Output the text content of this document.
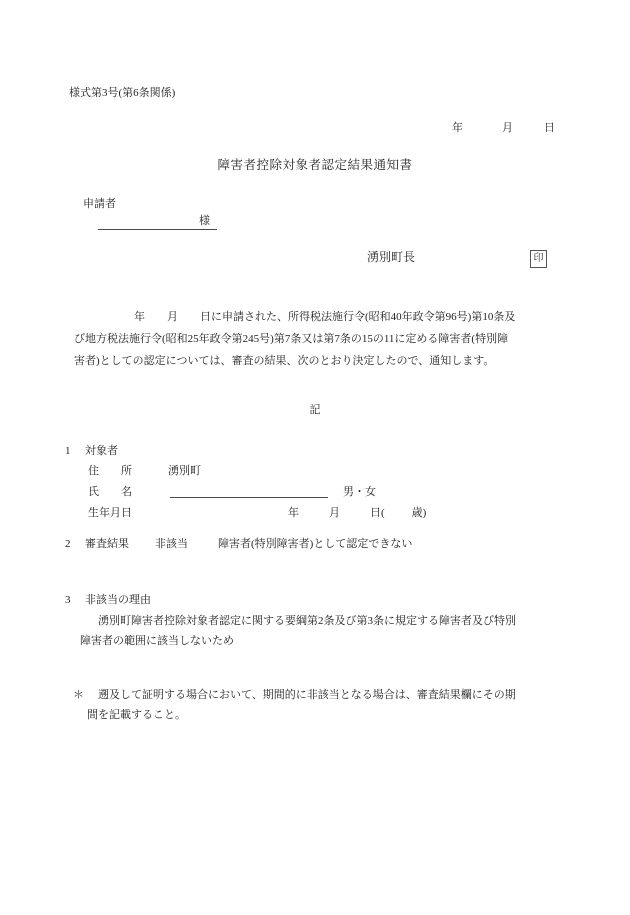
様式第3号(第6条関係)
年	月	日
障害者控除対象者認定結果通知書
申請者
様
湧別町長	印
年　　月　　日に申請された、所得税法施行令(昭和40年政令第96号)第10条及
び地方税法施行令(昭和25年政令第245号)第7条又は第7条の15の11に定める障害者(特別障
害者)としての認定については、審査の結果、次のとおり決定したので、通知します。
記
1 対象者
住　　所	湧別町
氏　　名	男・女
生年月日	年	月	日( 歳)
2 審査結果 非該当	障害者(特別障害者)として認定できない
3 非該当の理由
湧別町障害者控除対象者認定に関する要綱第2条及び第3条に規定する障害者及び特別
障害者の範囲に該当しないため
＊ 遡及して証明する場合において、期間的に非該当となる場合は、審査結果欄にその期
間を記載すること。
